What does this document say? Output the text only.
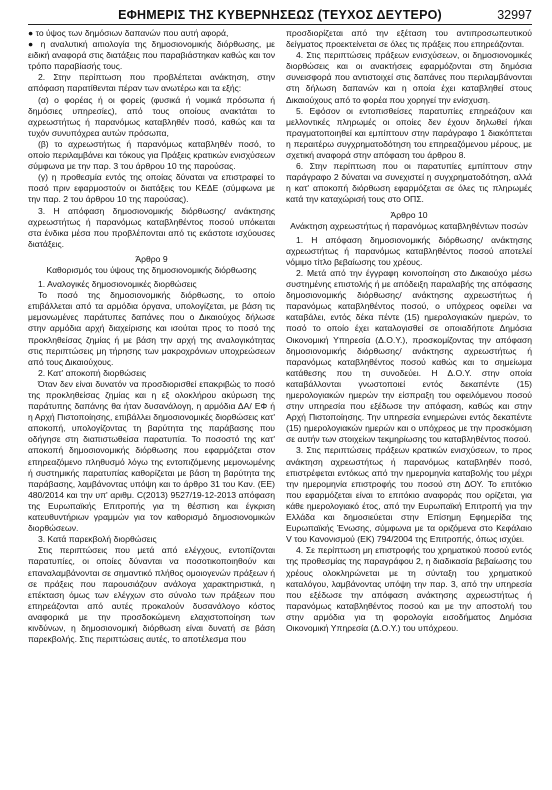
ΕΦΗΜΕΡΙΣ ΤΗΣ ΚΥΒΕΡΝΗΣΕΩΣ (ΤΕΥΧΟΣ ΔΕΥΤΕΡΟ)	32997

● το ύψος των δημόσιων δαπανών που αυτή αφορά,

● η αναλυτική αιτιολογία της δημοσιονομικής διόρθωσης, με ειδική αναφορά στις διατάξεις που παραβιάστηκαν καθώς και τον τρόπο παραβίασής τους.

2. Στην περίπτωση που προβλέπεται ανάκτηση, στην απόφαση παρατίθενται πέραν των ανωτέρω και τα εξής:

(α) ο φορέας ή οι φορείς (φυσικά ή νομικά πρόσωπα ή δημόσιες υπηρεσίες), από τους οποίους ανακτάται το αχρεωστήτως ή παρανόμως καταβληθέν ποσό, καθώς και τα τυχόν συνυπόχρεα αυτών πρόσωπα,

(β) το αχρεωστήτως ή παρανόμως καταβληθέν ποσό, το οποίο περιλαμβάνει και τόκους για Πράξεις κρατικών ενισχύσεων σύμφωνα με την παρ. 3 του άρθρου 10 της παρούσας.

(γ) η προθεσμία εντός της οποίας δύναται να επιστραφεί το ποσό πριν εφαρμοστούν οι διατάξεις του ΚΕΔΕ (σύμφωνα με την παρ. 2 του άρθρου 10 της παρούσας).

3. Η απόφαση δημοσιονομικής διόρθωσης/ ανάκτησης αχρεωστήτως ή παρανόμως καταβληθέντος ποσού υπόκειται στα ένδικα μέσα που προβλέπονται από τις εκάστοτε ισχύουσες διατάξεις.

Άρθρο 9

Καθορισμός του ύψους της δημοσιονομικής διόρθωσης

1. Αναλογικές δημοσιονομικές διορθώσεις

Το ποσό της δημοσιονομικής διόρθωσης, το οποίο επιβάλλεται από τα αρμόδια όργανα, υπολογίζεται, με βάση τις μεμονωμένες παράτυπες δαπάνες που ο Δικαιούχος δήλωσε στην αρμόδια αρχή διαχείρισης και ισούται προς το ποσό της προκληθείσας ζημίας ή με βάση την αρχή της αναλογικότητας στις περιπτώσεις μη τήρησης των μακροχρόνιων υποχρεώσεων από τους Δικαιούχους.

2. Κατ' αποκοπή διορθώσεις

Όταν δεν είναι δυνατόν να προσδιορισθεί επακριβώς το ποσό της προκληθείσας ζημίας και η εξ ολοκλήρου ακύρωση της παράτυπης δαπάνης θα ήταν δυσανάλογη, η αρμόδια ΔΑ/ ΕΦ ή η Αρχή Πιστοποίησης, επιβάλλει δημοσιονομικές διορθώσεις κατ' αποκοπή, υπολογίζοντας τη βαρύτητα της παράβασης που οδήγησε στη διαπιστωθείσα παρατυπία. Το ποσοστό της κατ' αποκοπή δημοσιονομικής διόρθωσης που εφαρμόζεται στον επηρεαζόμενο πληθυσμό λόγω της εντοπιζόμενης μεμονωμένης ή συστημικής παρατυπίας καθορίζεται με βάση τη βαρύτητα της παράβασης, λαμβάνοντας υπόψη και το άρθρο 31 του Καν. (ΕΕ) 480/2014 και την υπ' αριθμ. C(2013) 9527/19-12-2013 απόφαση της Ευρωπαϊκής Επιτροπής για τη θέσπιση και έγκριση κατευθυντήριων γραμμών για τον καθορισμό δημοσιονομικών διορθώσεων.

3. Κατά παρεκβολή διορθώσεις

Στις περιπτώσεις που μετά από ελέγχους, εντοπίζονται παρατυπίες, οι οποίες δύνανται να ποσοτικοποιηθούν και επαναλαμβάνονται σε σημαντικό πλήθος ομοιογενών πράξεων ή σε πράξεις που παρουσιάζουν ανάλογα χαρακτηριστικά, η επέκταση όμως των ελέγχων στο σύνολο των πράξεων που επηρεάζονται από αυτές προκαλούν δυσανάλογο κόστος αναφορικά με την προσδοκώμενη ελαχιστοποίηση των κινδύνων, η δημοσιονομική διόρθωση είναι δυνατή σε βάση παρεκβολής. Στις περιπτώσεις αυτές, το αποτέλεσμα που

προσδιορίζεται από την εξέταση του αντιπροσωπευτικού δείγματος προεκτείνεται σε όλες τις πράξεις που επηρεάζονται.

4. Στις περιπτώσεις πράξεων ενισχύσεων, οι δημοσιονομικές διορθώσεις και οι ανακτήσεις εφαρμόζονται στη δημόσια συνεισφορά που αντιστοιχεί στις δαπάνες που περιλαμβάνονται στη δήλωση δαπανών και η οποία έχει καταβληθεί στους Δικαιούχους από το φορέα που χορηγεί την ενίσχυση.

5. Εφόσον οι εντοπισθείσες παρατυπίες επηρεάζουν και μελλοντικές πληρωμές οι οποίες δεν έχουν δηλωθεί ή/και πραγματοποιηθεί και εμπίπτουν στην παράγραφο 1 διακόπτεται η περαιτέρω συγχρηματοδότηση του επηρεαζόμενου μέρους, με σχετική αναφορά στην απόφαση του άρθρου 8.

6. Στην περίπτωση που οι παρατυπίες εμπίπτουν στην παράγραφο 2 δύναται να συνεχιστεί η συγχρηματοδότηση, αλλά η κατ' αποκοπή διόρθωση εφαρμόζεται σε όλες τις πληρωμές κατά την καταχώρισή τους στο ΟΠΣ.

Άρθρο 10

Ανάκτηση αχρεωστήτως ή παρανόμως καταβληθέντων ποσών

1. Η απόφαση δημοσιονομικής διόρθωσης/ ανάκτησης αχρεωστήτως ή παρανόμως καταβληθέντος ποσού αποτελεί νόμιμο τίτλο βεβαίωσης του χρέους.

2. Μετά από την έγγραφη κοινοποίηση στο Δικαιούχο μέσω συστημένης επιστολής ή με απόδειξη παραλαβής της απόφασης δημοσιονομικής διόρθωσης/ ανάκτησης αχρεωστήτως ή παρανόμως καταβληθέντος ποσού, ο υπόχρεος οφείλει να καταβάλει, εντός δέκα πέντε (15) ημερολογιακών ημερών, το ποσό το οποίο έχει καταλογισθεί σε οποιαδήποτε Δημόσια Οικονομική Υπηρεσία (Δ.Ο.Υ.), προσκομίζοντας την απόφαση δημοσιονομικής διόρθωσης/ ανάκτησης αχρεωστήτως ή παρανόμως καταβληθέντος ποσού καθώς και το σημείωμα κατάθεσης που τη συνοδεύει. Η Δ.Ο.Υ. στην οποία καταβάλλονται γνωστοποιεί εντός δεκαπέντε (15) ημερολογιακών ημερών την είσπραξη του οφειλόμενου ποσού στην υπηρεσία που εξέδωσε την απόφαση, καθώς και στην Αρχή Πιστοποίησης. Την υπηρεσία ενημερώνει εντός δεκαπέντε (15) ημερολογιακών ημερών και ο υπόχρεος με την προσκόμιση σε αυτήν των στοιχείων τεκμηρίωσης του καταβληθέντος ποσού.

3. Στις περιπτώσεις πράξεων κρατικών ενισχύσεων, το προς ανάκτηση αχρεωστήτως ή παρανόμως καταβληθέν ποσό, επιστρέφεται εντόκως από την ημερομηνία καταβολής του μέχρι την ημερομηνία επιστροφής του ποσού στη ΔΟΥ. Το επιτόκιο που εφαρμόζεται είναι το επιτόκιο αναφοράς που ορίζεται, για κάθε ημερολογιακό έτος, από την Ευρωπαϊκή Επιτροπή για την Ελλάδα και δημοσιεύεται στην Επίσημη Εφημερίδα της Ευρωπαϊκής Ένωσης, σύμφωνα με τα οριζόμενα στο Κεφάλαιο V του Κανονισμού (ΕΚ) 794/2004 της Επιτροπής, όπως ισχύει.

4. Σε περίπτωση μη επιστροφής του χρηματικού ποσού εντός της προθεσμίας της παραγράφου 2, η διαδικασία βεβαίωσης του χρέους ολοκληρώνεται με τη σύνταξη του χρηματικού καταλόγου, λαμβάνοντας υπόψη την παρ. 3, από την υπηρεσία που εξέδωσε την απόφαση ανάκτησης αχρεωστήτως ή παρανόμως καταβληθέντος ποσού και με την αποστολή του στην αρμόδια για τη φορολογία εισοδήματος Δημόσια Οικονομική Υπηρεσία (Δ.Ο.Υ.) του υπόχρεου.
